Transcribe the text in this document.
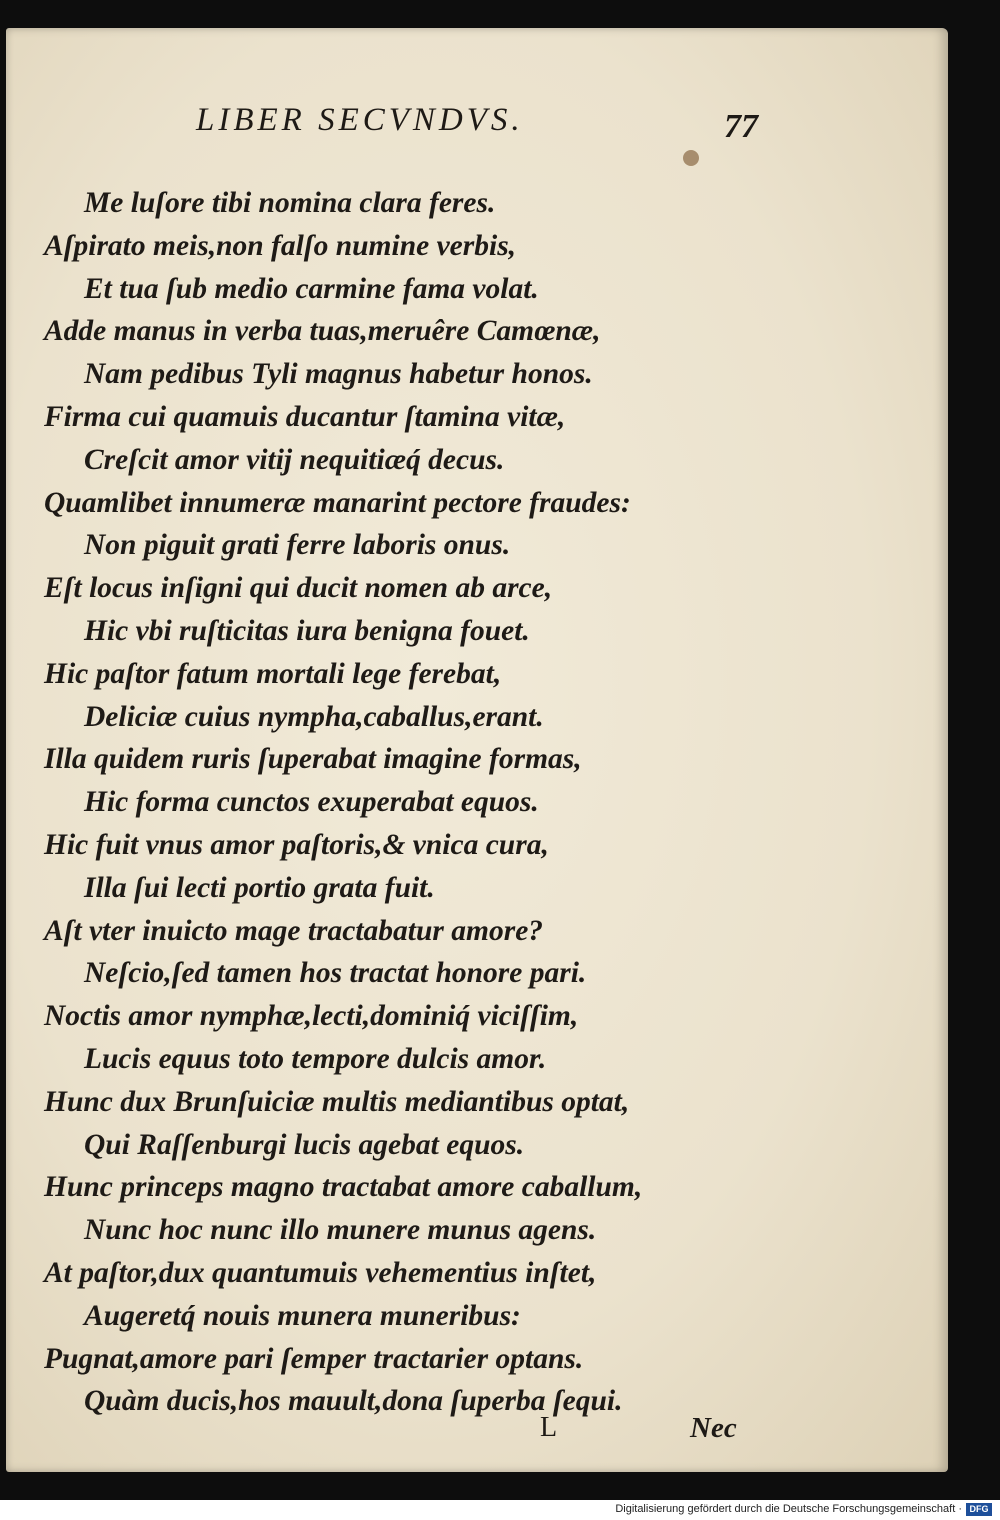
LIBER SECVNDVS.	77
Me luſore tibi nomina clara feres.
Aſpirato meis,non falſo numine verbis,
Et tua ſub medio carmine fama volat.
Adde manus in verba tuas,meruêre Camœnæ,
Nam pedibus Tyli magnus habetur honos.
Firma cui quamuis ducantur ſtamina vitæ,
Creſcit amor vitij nequitiæq́ decus.
Quamlibet innumeræ manarint pectore fraudes:
Non piguit grati ferre laboris onus.
Eſt locus inſigni qui ducit nomen ab arce,
Hic vbi ruſticitas iura benigna fouet.
Hic paſtor fatum mortali lege ferebat,
Deliciæ cuius nympha,caballus,erant.
Illa quidem ruris ſuperabat imagine formas,
Hic forma cunctos exuperabat equos.
Hic fuit vnus amor paſtoris,& vnica cura,
Illa ſui lecti portio grata fuit.
Aſt vter inuicto mage tractabatur amore?
Neſcio,ſed tamen hos tractat honore pari.
Noctis amor nymphæ,lecti,dominiq́ viciſſim,
Lucis equus toto tempore dulcis amor.
Hunc dux Brunſuiciæ multis mediantibus optat,
Qui Raſſenburgi lucis agebat equos.
Hunc princeps magno tractabat amore caballum,
Nunc hoc nunc illo munere munus agens.
At paſtor,dux quantumuis vehementius inſtet,
Augeretq́ nouis munera muneribus:
Pugnat,amore pari ſemper tractarier optans.
Quàm ducis,hos mauult,dona ſuperba ſequi.
L	Nec
Digitalisierung gefördert durch die Deutsche Forschungsgemeinschaft · DFG
